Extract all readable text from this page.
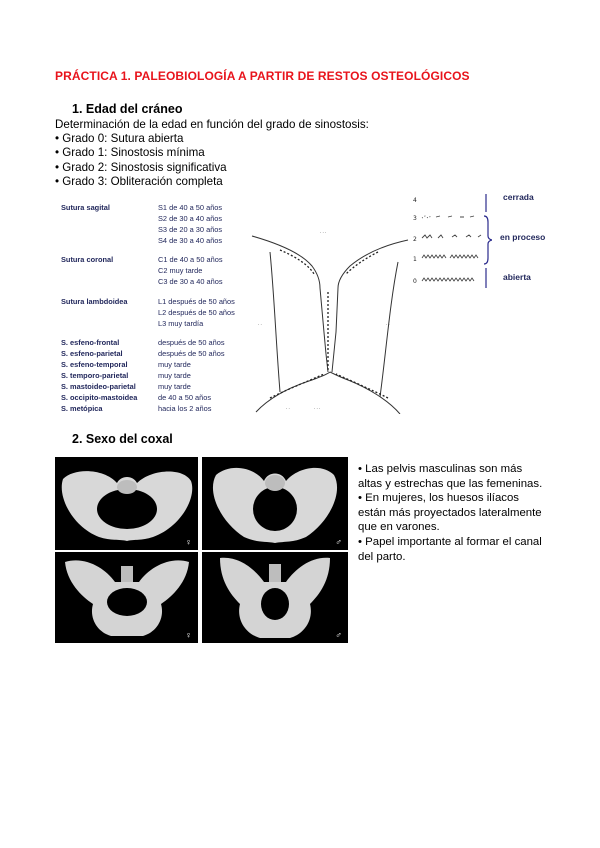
PRÁCTICA 1. PALEOBIOLOGÍA A PARTIR DE RESTOS OSTEOLÓGICOS
1. Edad del cráneo
Determinación de la edad en función del grado de sinostosis:
• Grado 0: Sutura abierta
• Grado 1: Sinostosis mínima
• Grado 2: Sinostosis significativa
• Grado 3: Obliteración completa
Sutura sagital	S1 de 40 a 50 años
S2 de 30 a 40 años
S3 de 20 a 30 años
S4 de 30 a 40 años
Sutura coronal	C1 de 40 a 50 años
C2 muy tarde
C3 de 30 a 40 años
Sutura lambdoidea	L1 después de 50 años
L2 después de 50 años
L3 muy tardía
S. esfeno-frontal	después de 50 años
S. esfeno-parietal	después de 50 años
S. esfeno-temporal	muy tarde
S. temporo-parietal	muy tarde
S. mastoideo-parietal	muy tarde
S. occipito-mastoidea	de 40 a 50 años
S. metópica	hacia los 2 años
· · ·
· ·	· ·
· ·	· · ·
4
3
2
1
0
cerrada
en proceso
abierta
2. Sexo del coxal
♀	♂
♀	♂
• Las pelvis masculinas son más altas y estrechas que las femeninas.
• En mujeres, los huesos ilíacos están más proyectados lateralmente que en varones.
• Papel importante al formar el canal del parto.
